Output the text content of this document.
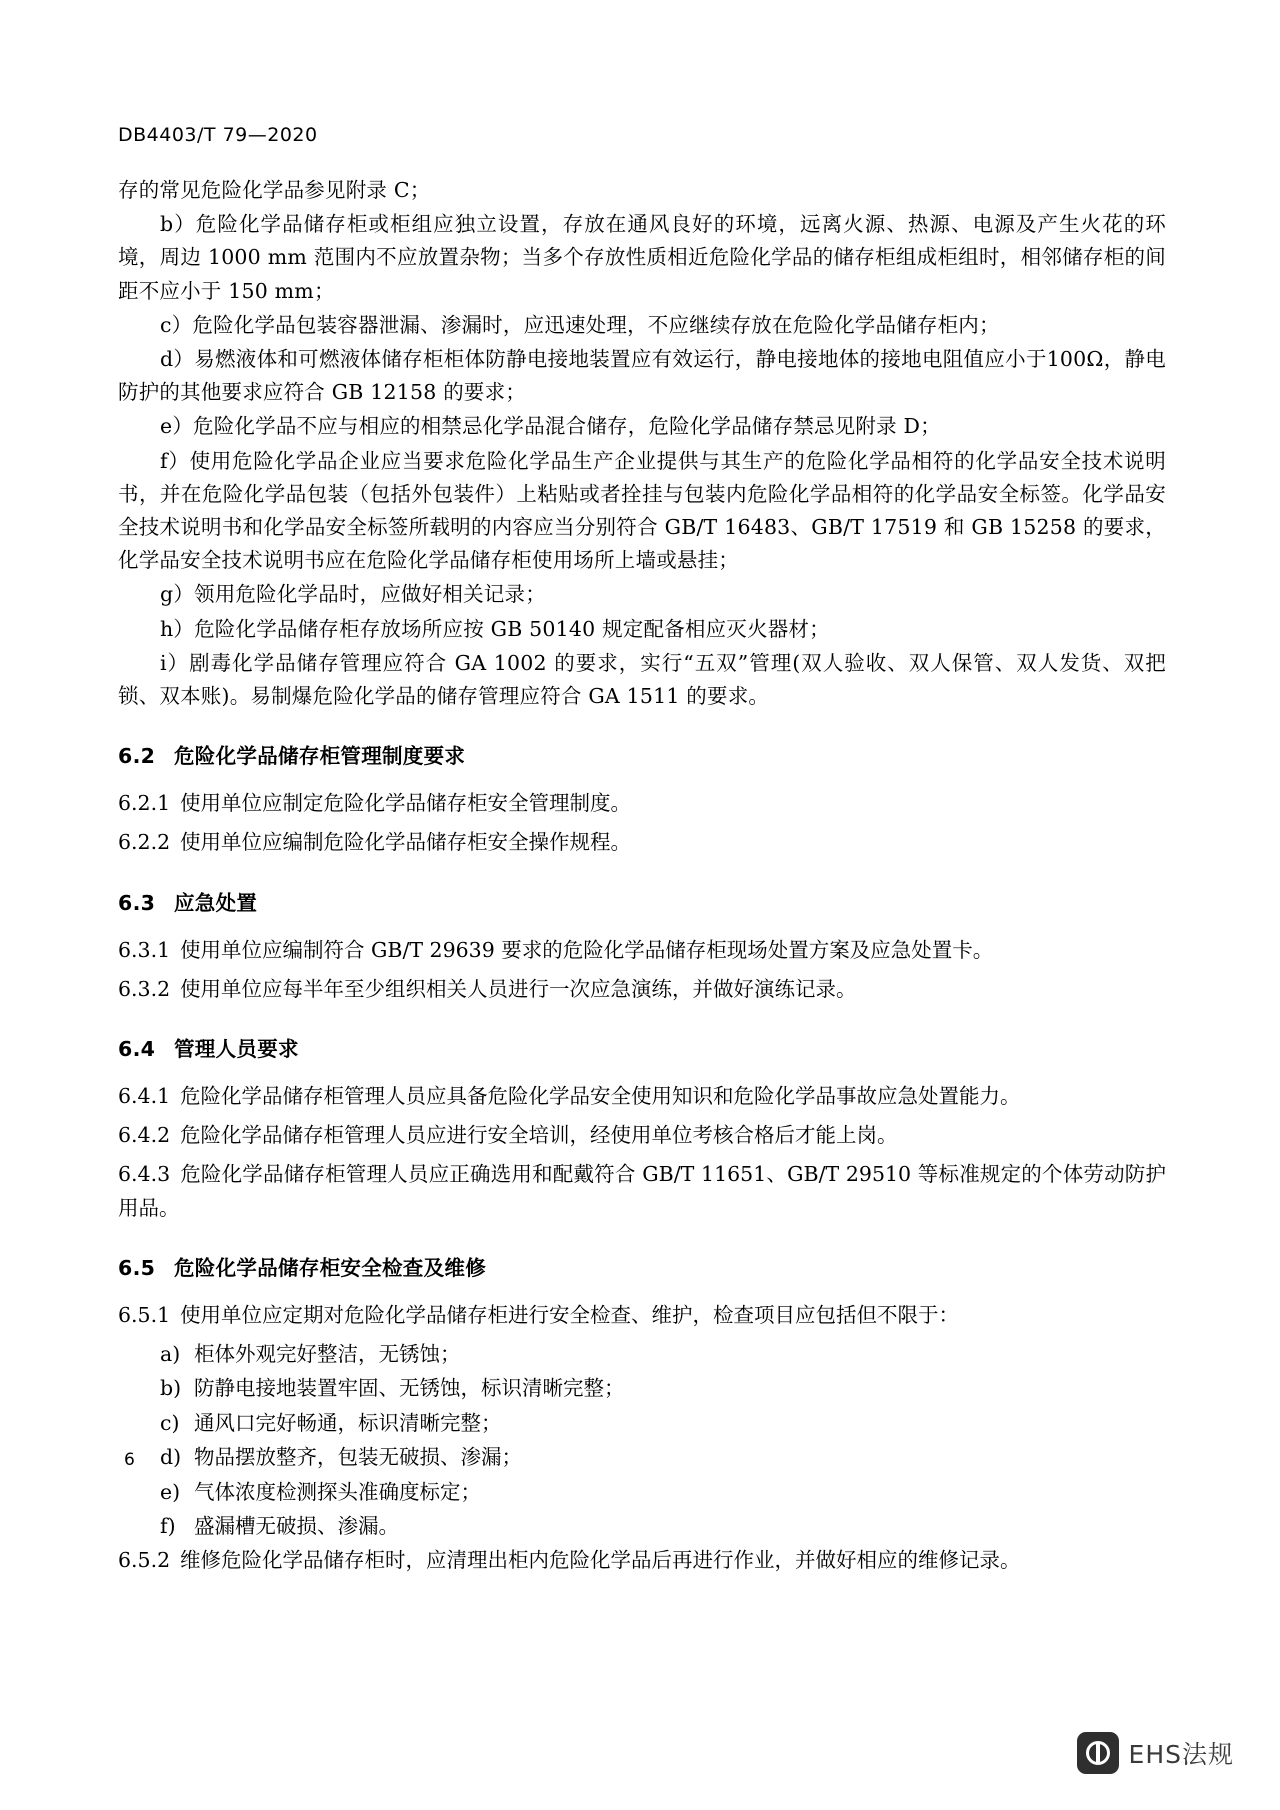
DB4403/T 79—2020

存的常见危险化学品参见附录 C；

b）危险化学品储存柜或柜组应独立设置，存放在通风良好的环境，远离火源、热源、电源及产生火花的环境，周边 1000 mm 范围内不应放置杂物；当多个存放性质相近危险化学品的储存柜组成柜组时，相邻储存柜的间距不应小于 150 mm；

c）危险化学品包装容器泄漏、渗漏时，应迅速处理，不应继续存放在危险化学品储存柜内；

d）易燃液体和可燃液体储存柜柜体防静电接地装置应有效运行，静电接地体的接地电阻值应小于100Ω，静电防护的其他要求应符合 GB 12158 的要求；

e）危险化学品不应与相应的相禁忌化学品混合储存，危险化学品储存禁忌见附录 D；

f）使用危险化学品企业应当要求危险化学品生产企业提供与其生产的危险化学品相符的化学品安全技术说明书，并在危险化学品包装（包括外包装件）上粘贴或者拴挂与包装内危险化学品相符的化学品安全标签。化学品安全技术说明书和化学品安全标签所载明的内容应当分别符合 GB/T 16483、GB/T 17519 和 GB 15258 的要求，化学品安全技术说明书应在危险化学品储存柜使用场所上墙或悬挂；

g）领用危险化学品时，应做好相关记录；

h）危险化学品储存柜存放场所应按 GB 50140 规定配备相应灭火器材；

i）剧毒化学品储存管理应符合 GA 1002 的要求，实行“五双”管理(双人验收、双人保管、双人发货、双把锁、双本账)。易制爆危险化学品的储存管理应符合 GA 1511 的要求。

6.2 危险化学品储存柜管理制度要求

6.2.1 使用单位应制定危险化学品储存柜安全管理制度。

6.2.2 使用单位应编制危险化学品储存柜安全操作规程。

6.3 应急处置

6.3.1 使用单位应编制符合 GB/T 29639 要求的危险化学品储存柜现场处置方案及应急处置卡。

6.3.2 使用单位应每半年至少组织相关人员进行一次应急演练，并做好演练记录。

6.4 管理人员要求

6.4.1 危险化学品储存柜管理人员应具备危险化学品安全使用知识和危险化学品事故应急处置能力。

6.4.2 危险化学品储存柜管理人员应进行安全培训，经使用单位考核合格后才能上岗。

6.4.3 危险化学品储存柜管理人员应正确选用和配戴符合 GB/T 11651、GB/T 29510 等标准规定的个体劳动防护用品。

6.5 危险化学品储存柜安全检查及维修

6.5.1 使用单位应定期对危险化学品储存柜进行安全检查、维护，检查项目应包括但不限于：

a) 柜体外观完好整洁，无锈蚀；
b) 防静电接地装置牢固、无锈蚀，标识清晰完整；
c) 通风口完好畅通，标识清晰完整；
d) 物品摆放整齐，包装无破损、渗漏；
e) 气体浓度检测探头准确度标定；
f) 盛漏槽无破损、渗漏。

6.5.2 维修危险化学品储存柜时，应清理出柜内危险化学品后再进行作业，并做好相应的维修记录。

6
EHS法规
